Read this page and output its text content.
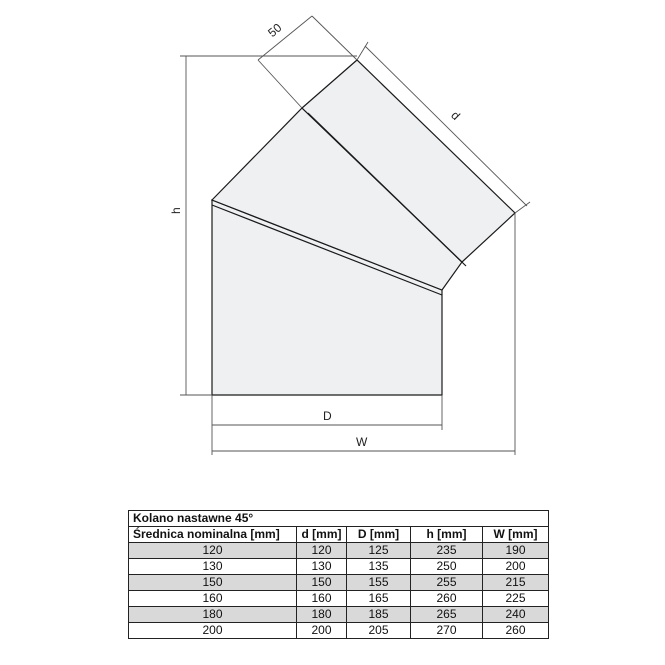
50
d
h
D
W
Kolano nastawne 45°				
Średnica nominalna [mm]	d [mm]	D [mm]	h [mm]	W [mm]
120	120	125	235	190
130	130	135	250	200
150	150	155	255	215
160	160	165	260	225
180	180	185	265	240
200	200	205	270	260
